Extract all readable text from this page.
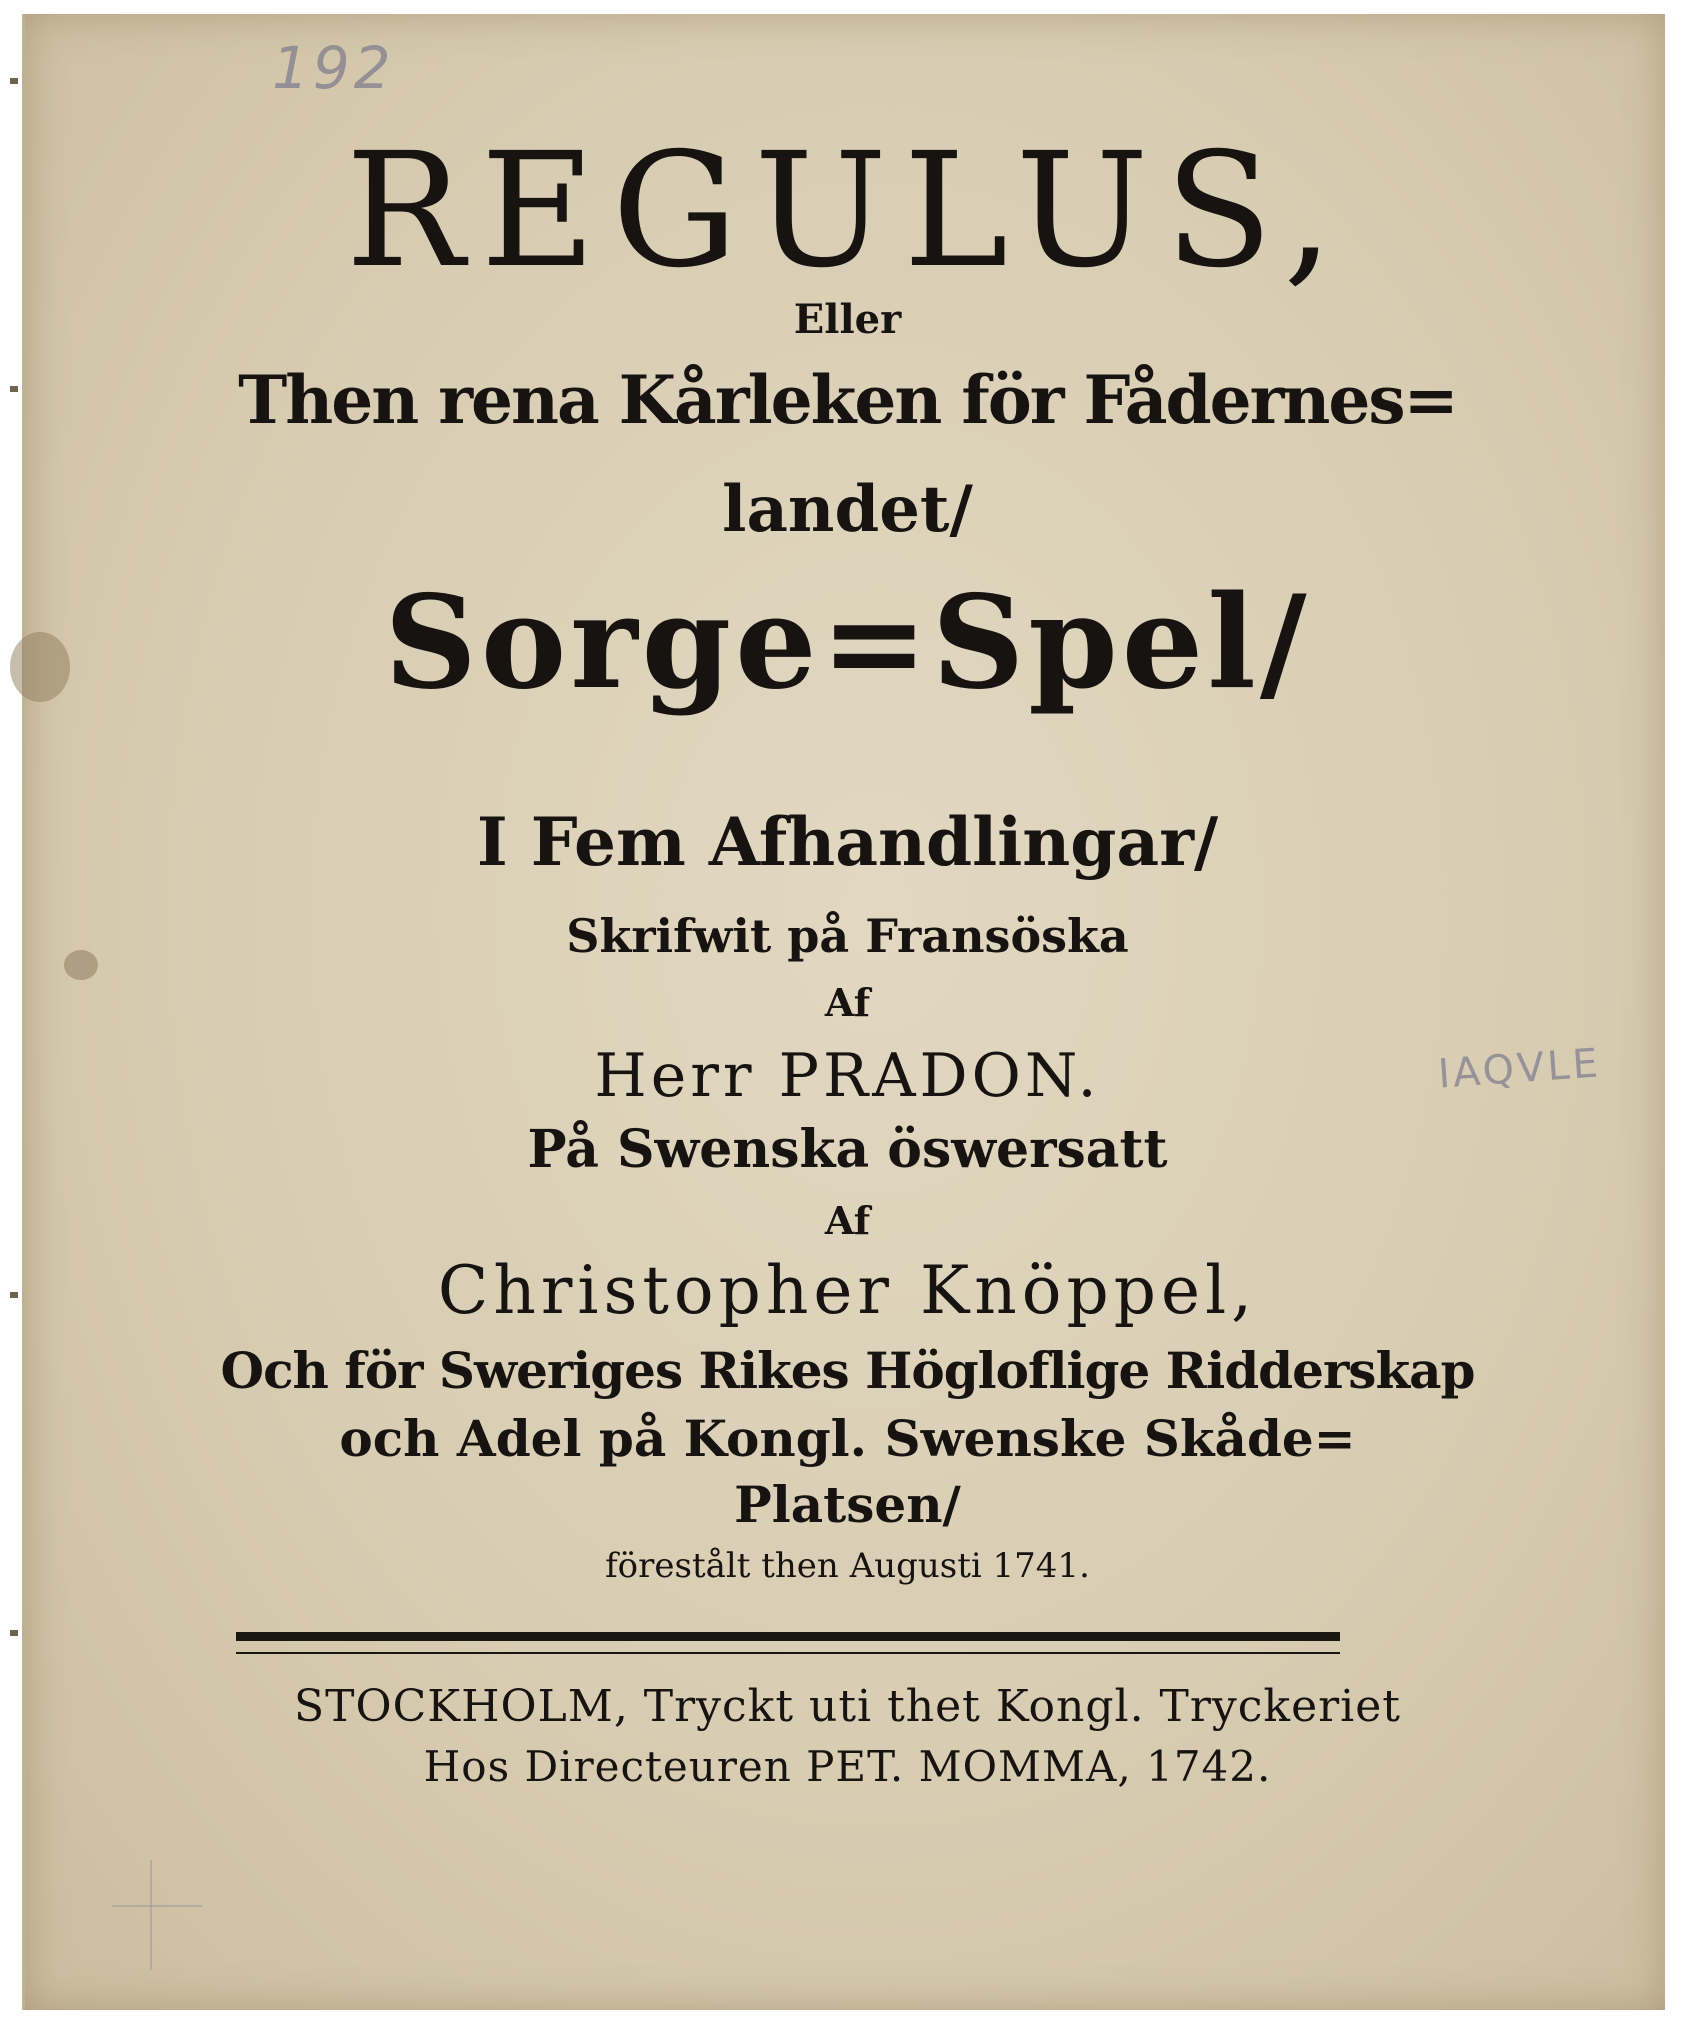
192
IAQVLE
REGULUS,
Eller
Then rena Kårleken för Fådernes=
landet/
Sorge=Spel/
I Fem Afhandlingar/
Skrifwit på Fransöska
Af
Herr PRADON.
På Swenska öswersatt
Af
Christopher Knöppel,
Och för Sweriges Rikes Högloflige Ridderskap
och Adel på Kongl. Swenske Skåde=
Platsen/
förestålt then Augusti 1741.
STOCKHOLM, Tryckt uti thet Kongl. Tryckeriet
Hos Directeuren PET. MOMMA, 1742.
